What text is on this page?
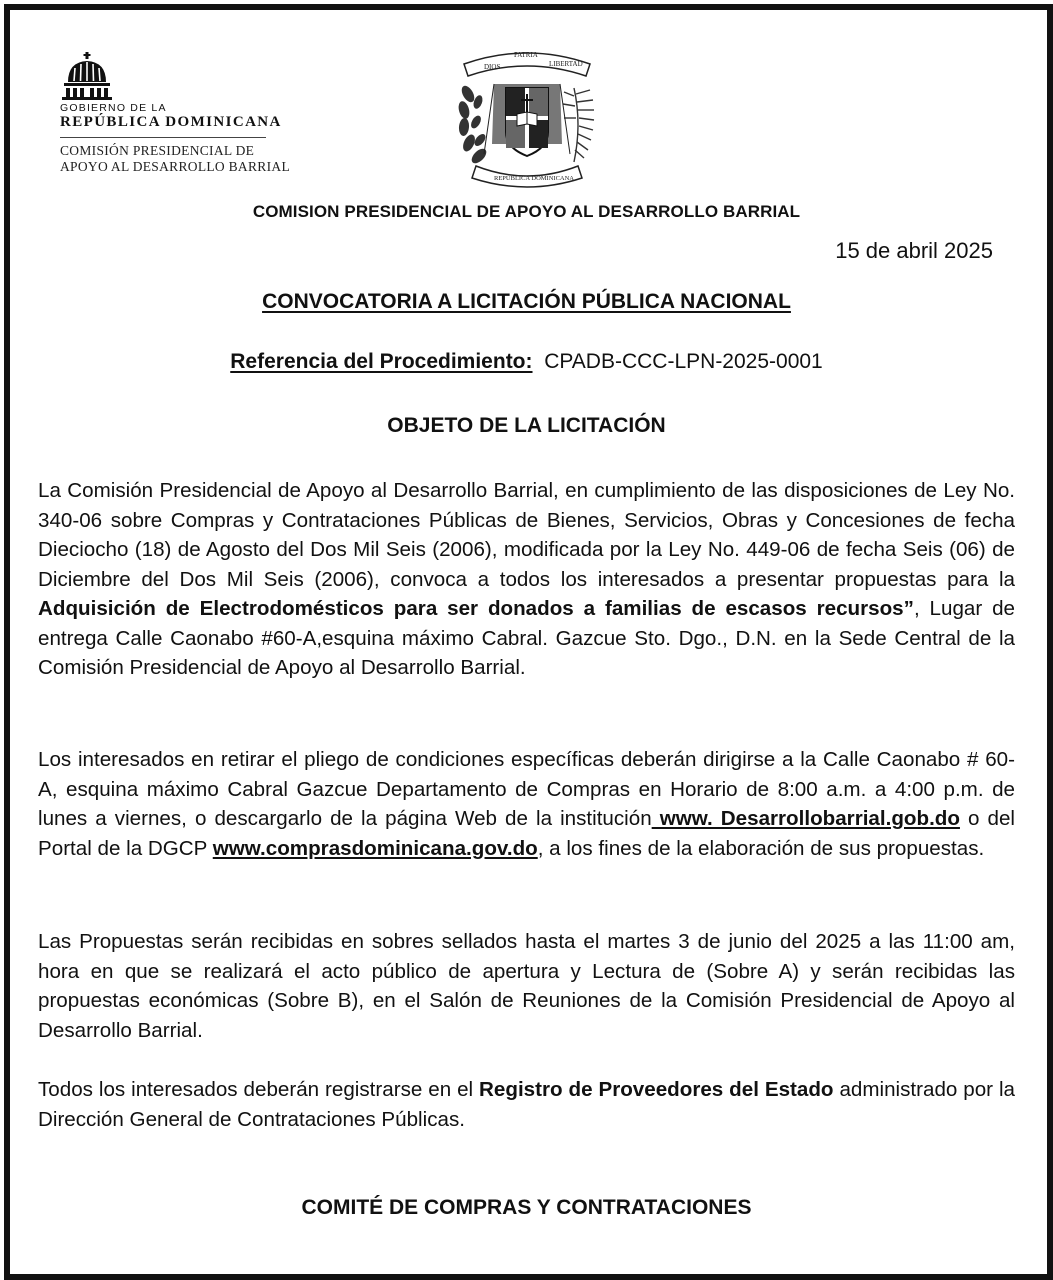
GOBIERNO DE LA
REPÚBLICA DOMINICANA
COMISIÓN PRESIDENCIAL DE
APOYO AL DESARROLLO BARRIAL
DIOS
PATRIA
LIBERTAD
REPÚBLICA DOMINICANA
COMISION PRESIDENCIAL DE APOYO AL DESARROLLO BARRIAL
15 de abril 2025
CONVOCATORIA A LICITACIÓN PÚBLICA NACIONAL
Referencia del Procedimiento: CPADB-CCC-LPN-2025-0001
OBJETO DE LA LICITACIÓN
La Comisión Presidencial de Apoyo al Desarrollo Barrial, en cumplimiento de las disposiciones de Ley No. 340-06 sobre Compras y Contrataciones Públicas de Bienes, Servicios, Obras y Concesiones de fecha Dieciocho (18) de Agosto del Dos Mil Seis (2006), modificada por la Ley No. 449-06 de fecha Seis (06) de Diciembre del Dos Mil Seis (2006), convoca a todos los interesados a presentar propuestas para la Adquisición de Electrodomésticos para ser donados a familias de escasos recursos”, Lugar de entrega Calle Caonabo #60-A,esquina máximo Cabral. Gazcue Sto. Dgo., D.N. en la Sede Central de la Comisión Presidencial de Apoyo al Desarrollo Barrial.
Los interesados en retirar el pliego de condiciones específicas deberán dirigirse a la Calle Caonabo # 60-A, esquina máximo Cabral Gazcue Departamento de Compras en Horario de 8:00 a.m. a 4:00 p.m. de lunes a viernes, o descargarlo de la página Web de la institución www. Desarrollobarrial.gob.do o del Portal de la DGCP www.comprasdominicana.gov.do, a los fines de la elaboración de sus propuestas.
Las Propuestas serán recibidas en sobres sellados hasta el martes 3 de junio del 2025 a las 11:00 am, hora en que se realizará el acto público de apertura y Lectura de (Sobre A) y serán recibidas las propuestas económicas (Sobre B), en el Salón de Reuniones de la Comisión Presidencial de Apoyo al Desarrollo Barrial.
Todos los interesados deberán registrarse en el Registro de Proveedores del Estado administrado por la Dirección General de Contrataciones Públicas.
COMITÉ DE COMPRAS Y CONTRATACIONES
